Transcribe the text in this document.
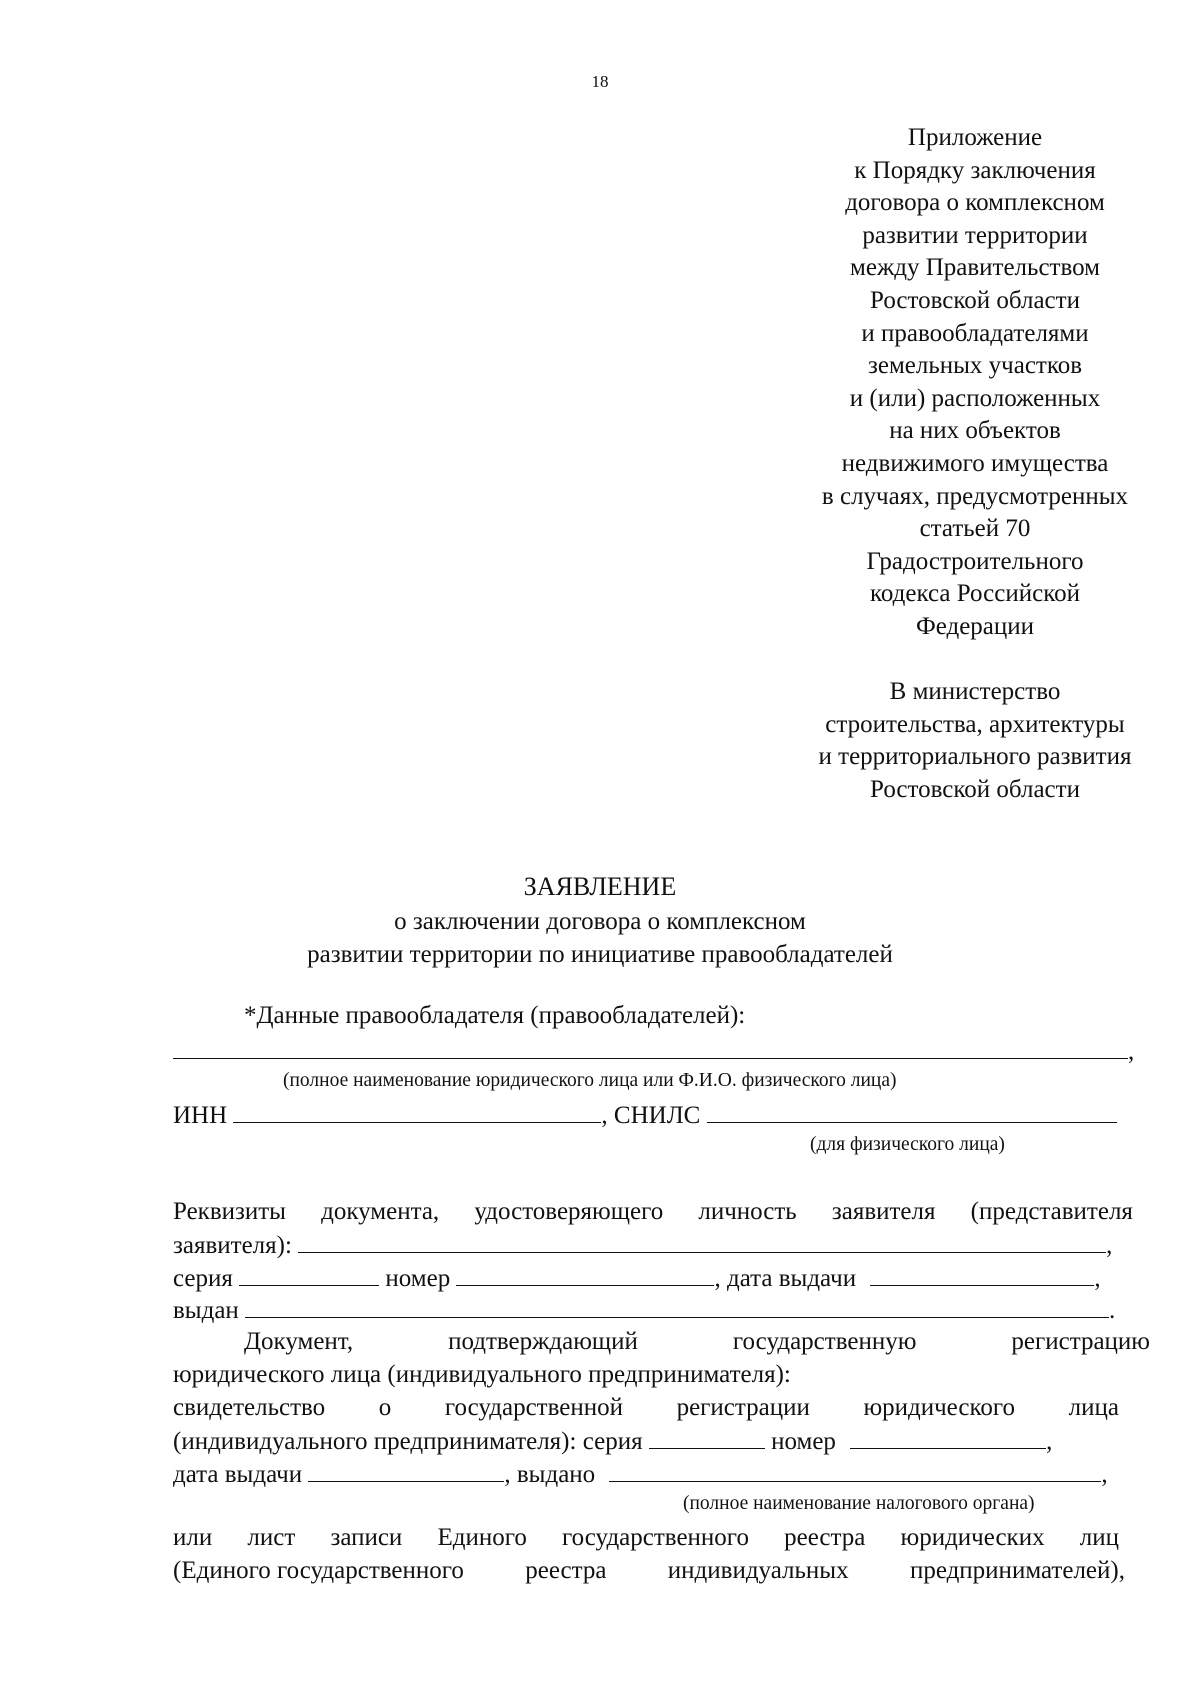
18
Приложение
к Порядку заключения
договора о комплексном
развитии территории
между Правительством
Ростовской области
и правообладателями
земельных участков
и (или) расположенных
на них объектов
недвижимого имущества
в случаях, предусмотренных
статьей 70
Градостроительного
кодекса Российской
Федерации
В министерство
строительства, архитектуры
и территориального развития
Ростовской области
ЗАЯВЛЕНИЕ
о заключении договора о комплексном
развитии территории по инициативе правообладателей
*Данные правообладателя (правообладателей):
,
(полное наименование юридического лица или Ф.И.О. физического лица)
ИНН	, СНИЛС
(для физического лица)
Реквизиты документа, удостоверяющего личность заявителя (представителя
заявителя):	,
серия	номер	, дата выдачи	,
выдан	.
Документ,	подтверждающий	государственную	регистрацию
юридического лица (индивидуального предпринимателя):
свидетельство о государственной регистрации юридического лица
(индивидуального предпринимателя): серия	номер	,
дата выдачи	, выдано	,
(полное наименование налогового органа)
или лист записи Единого государственного реестра юридических лиц
(Единого государственного реестра индивидуальных предпринимателей),
